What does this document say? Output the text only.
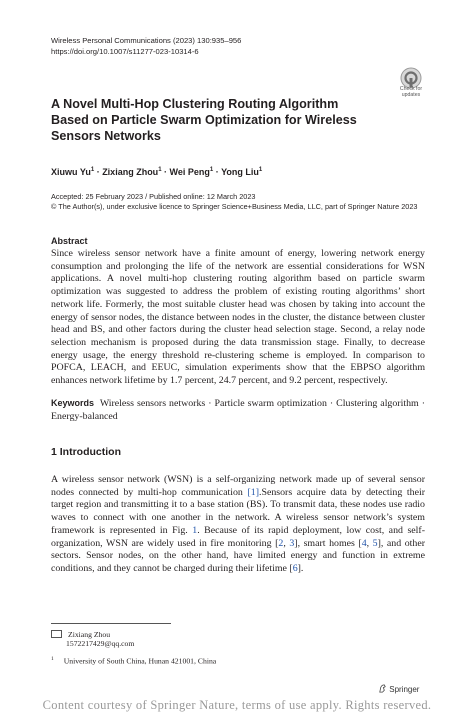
Wireless Personal Communications (2023) 130:935–956
https://doi.org/10.1007/s11277-023-10314-6
Check for
updates
A Novel Multi-Hop Clustering Routing Algorithm Based on Particle Swarm Optimization for Wireless Sensors Networks
Xiuwu $Yu^1$ · Zixiang Zhou$^1$ · Wei Peng$^1$ · Yong Liu$^1$
Accepted: 25 February 2023 / Published online: 12 March 2023
© The Author(s), under exclusive licence to Springer Science+Business Media, LLC, part of Springer Nature 2023
Abstract

Since wireless sensor network have a finite amount of energy, lowering network energy consumption and prolonging the life of the network are essential considerations for WSN applications. A novel multi-hop clustering routing algorithm based on particle swarm optimization was suggested to address the problem of existing routing algorithms’ short network life. Formerly, the most suitable cluster head was chosen by taking into account the energy of sensor nodes, the distance between nodes in the cluster, the distance between cluster head and BS, and other factors during the cluster head selection stage. Second, a relay node selection mechanism is proposed during the data transmission stage. Finally, to decrease energy usage, the energy threshold re-clustering scheme is employed. In comparison to POFCA, LEACH, and EEUC, simulation experiments show that the EBPSO algorithm enhances network lifetime by 1.7 percent, 24.7 percent, and 9.2 percent, respectively.

Keywords Wireless sensors networks · Particle swarm optimization · Clustering algorithm · Energy-balanced

1 Introduction

A wireless sensor network (WSN) is a self-organizing network made up of several sensor nodes connected by multi-hop communication [1].Sensors acquire data by detecting their target region and transmitting it to a base station (BS). To transmit data, these nodes use radio waves to connect with one another in the network. A wireless sensor network’s system framework is represented in Fig. 1. Because of its rapid deployment, low cost, and self-organization, WSN are widely used in fire monitoring [2, 3], smart homes [4, 5], and other sectors. Sensor nodes, on the other hand, have limited energy and function in extreme conditions, and they cannot be charged during their lifetime [6].

Zixiang Zhou
1572217429@qq.com
$^1$ University of South China, Hunan 421001, China
Springer
Content courtesy of Springer Nature, terms of use apply. Rights reserved.
